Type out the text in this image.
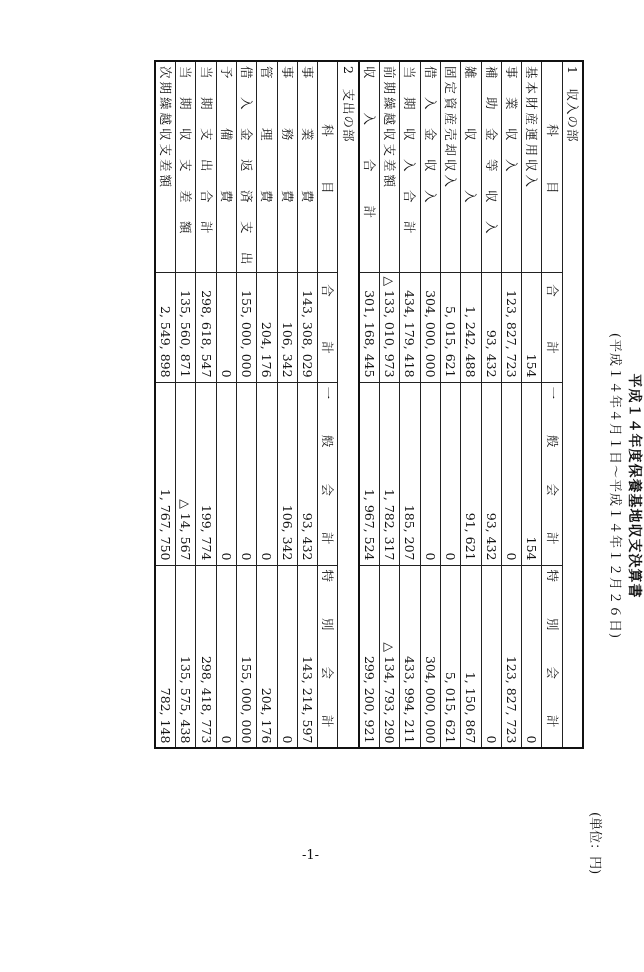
平成１４年度保養基地収支決算書
(平成１４年４月１日～平成１４年１２月２６日)
(単位：円)
1　収入の部			
科　目	合　計	一 般 会 計	特 別 会 計
基本財産運用収入	154	154	0
事　業　収　入	123, 827, 723	0	123, 827, 723
補　助　金　等　収　入	93, 432	93, 432	0
雑　　　収　　　入	1, 242, 488	91, 621	1, 150, 867
固定資産売却収入	5, 015, 621	0	5, 015, 621
借　入　金　収　入	304, 000, 000	0	304, 000, 000
当　期　収　入　合　計	434, 179, 418	185, 207	433, 994, 211
前期繰越収支差額	△ 133, 010, 973	1, 782, 317	△ 134, 793, 290
収　　入　　合　　計	301, 168, 445	1, 967, 524	299, 200, 921
2　支出の部			
科　目	合　計	一 般 会 計	特 別 会 計
事　　　業　　　費	143, 308, 029	93, 432	143, 214, 597
事　　　務　　　費	106, 342	106, 342	0
管　　　理　　　費	204, 176	0	204, 176
借　入　金　返　済　支　出	155, 000, 000	0	155, 000, 000
予　　　備　　　費	0	0	0
当　期　支　出　合　計	298, 618, 547	199, 774	298, 418, 773
当　期　収　支　差　額	135, 560, 871	△ 14, 567	135, 575, 438
次期繰越収支差額	2, 549, 898	1, 767, 750	782, 148
-1-
